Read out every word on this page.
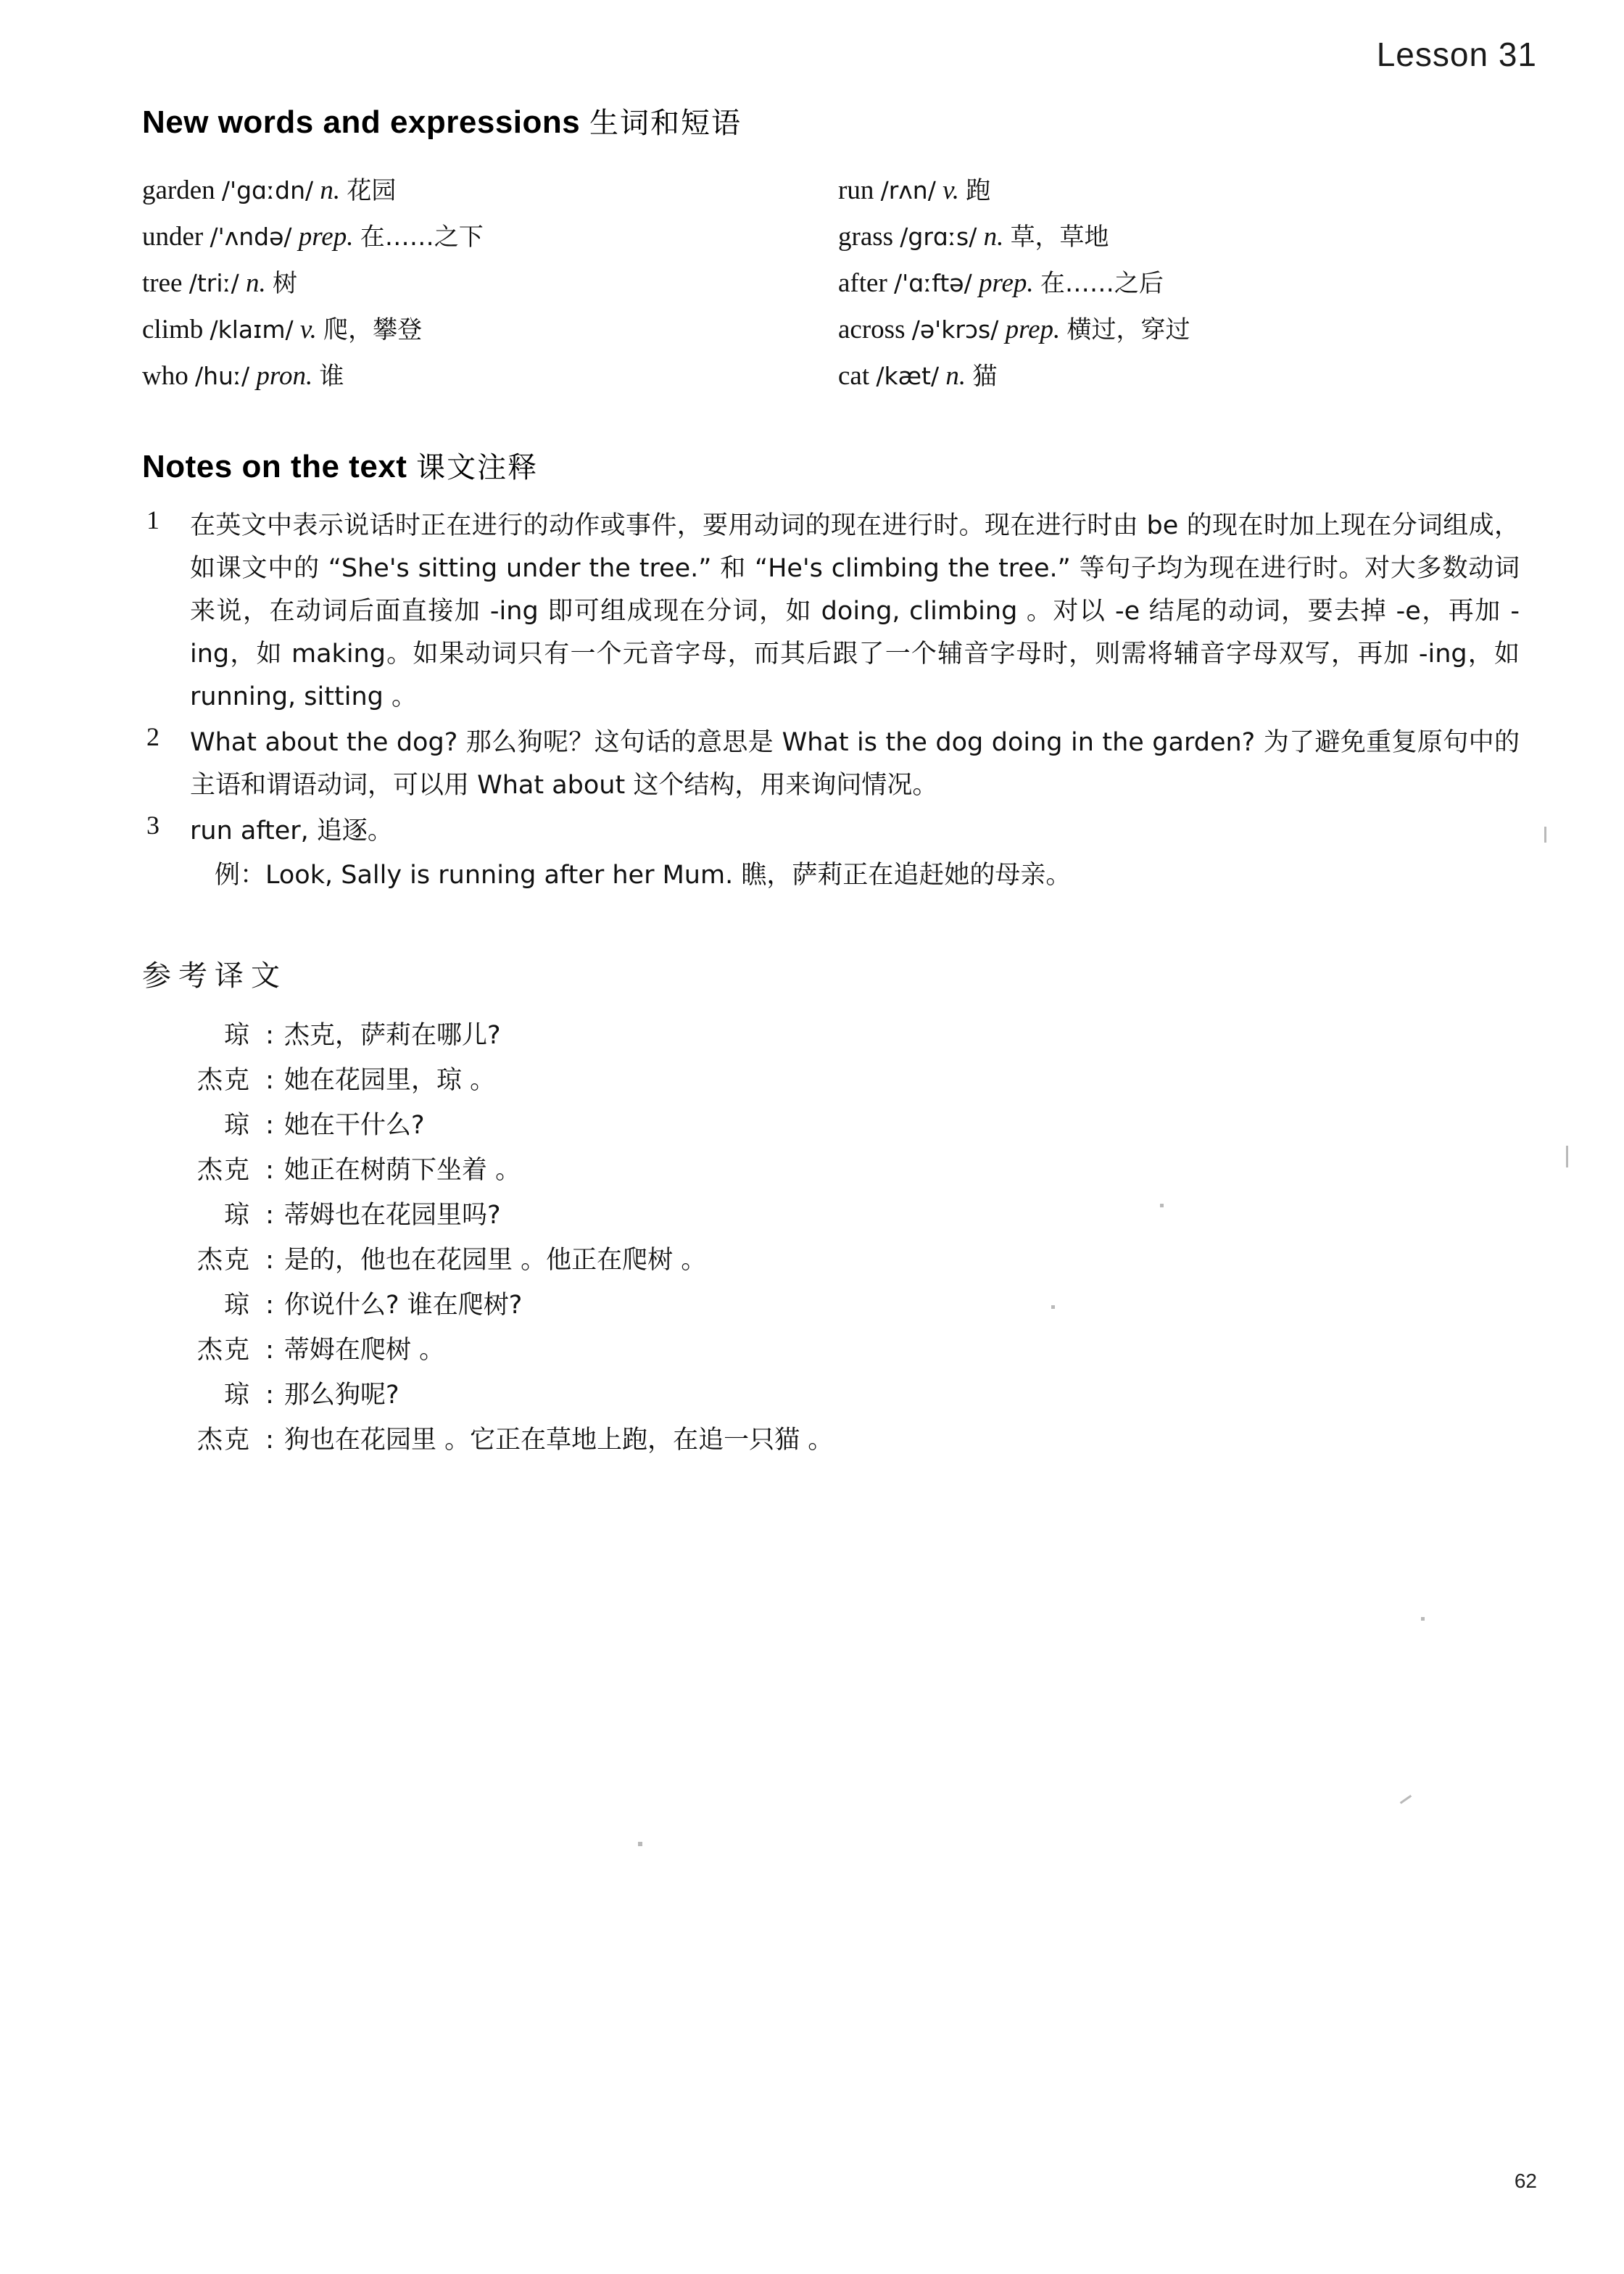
Lesson 31
New words and expressions 生词和短语
garden /'gɑːdn/ n. 花园	run /rʌn/ v. 跑
under /'ʌndə/ prep. 在……之下	grass /grɑːs/ n. 草，草地
tree /triː/ n. 树	after /'ɑːftə/ prep. 在……之后
climb /klaɪm/ v. 爬，攀登	across /ə'krɔs/ prep. 横过，穿过
who /huː/ pron. 谁	cat /kæt/ n. 猫
Notes on the text 课文注释
1 在英文中表示说话时正在进行的动作或事件，要用动词的现在进行时。现在进行时由 be 的现在时加上现在分词组成，如课文中的 “She's sitting under the tree.” 和 “He's climbing the tree.” 等句子均为现在进行时。对大多数动词来说，在动词后面直接加 -ing 即可组成现在分词，如 doing, climbing 。对以 -e 结尾的动词，要去掉 -e，再加 -ing，如 making。如果动词只有一个元音字母，而其后跟了一个辅音字母时，则需将辅音字母双写，再加 -ing，如 running, sitting 。
2 What about the dog? 那么狗呢？这句话的意思是 What is the dog doing in the garden? 为了避免重复原句中的主语和谓语动词，可以用 What about 这个结构，用来询问情况。
3 run after, 追逐。
例：Look, Sally is running after her Mum. 瞧，萨莉正在追赶她的母亲。
参考译文
琼 : 杰克，萨莉在哪儿?
杰克 : 她在花园里，琼 。
琼 : 她在干什么?
杰克 : 她正在树荫下坐着 。
琼 : 蒂姆也在花园里吗?
杰克 : 是的，他也在花园里 。他正在爬树 。
琼 : 你说什么? 谁在爬树?
杰克 : 蒂姆在爬树 。
琼 : 那么狗呢?
杰克 : 狗也在花园里 。它正在草地上跑，在追一只猫 。
62
